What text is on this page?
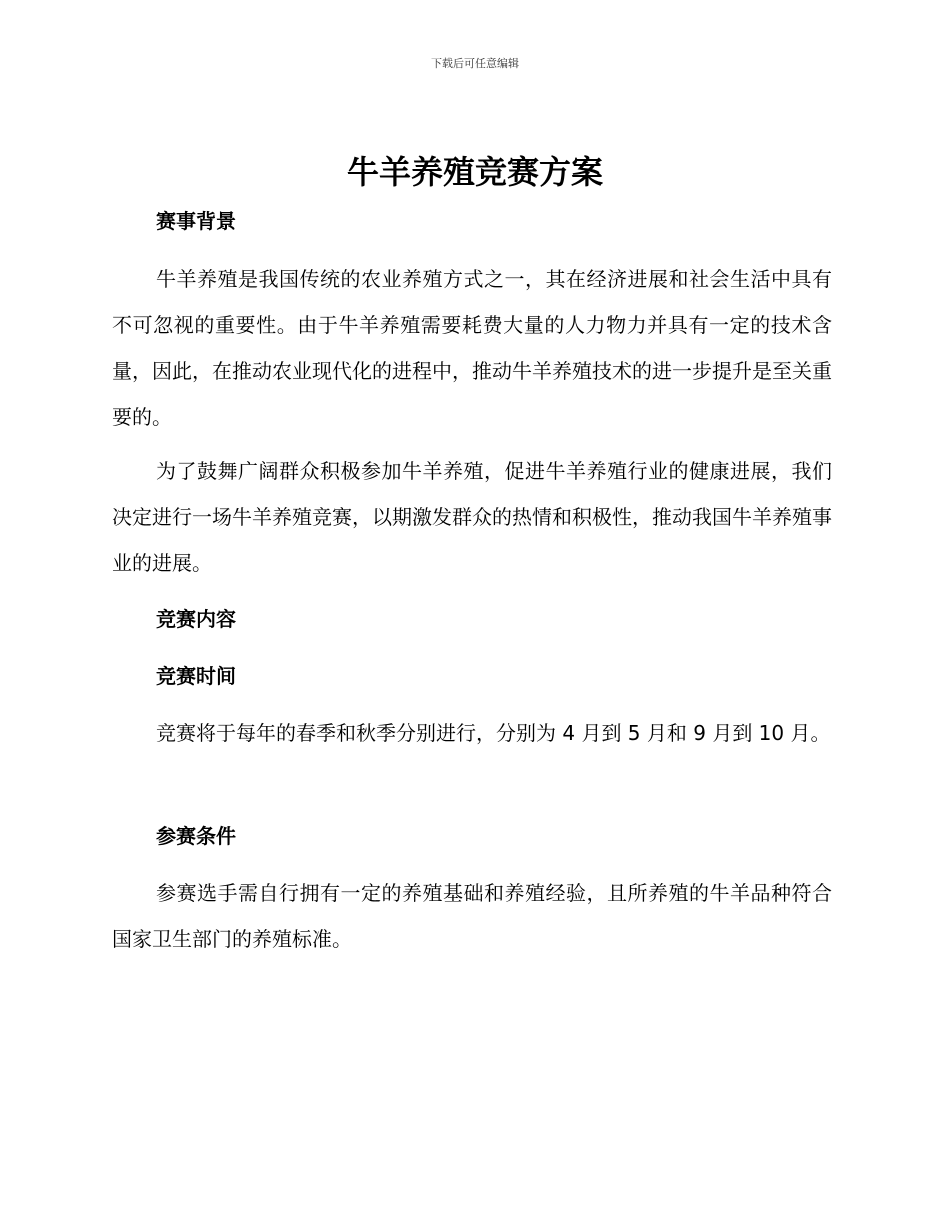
下载后可任意编辑
牛羊养殖竞赛方案
赛事背景

牛羊养殖是我国传统的农业养殖方式之一，其在经济进展和社会生活中具有不可忽视的重要性。由于牛羊养殖需要耗费大量的人力物力并具有一定的技术含量，因此，在推动农业现代化的进程中，推动牛羊养殖技术的进一步提升是至关重要的。

为了鼓舞广阔群众积极参加牛羊养殖，促进牛羊养殖行业的健康进展，我们决定进行一场牛羊养殖竞赛，以期激发群众的热情和积极性，推动我国牛羊养殖事业的进展。

竞赛内容
竞赛时间

竞赛将于每年的春季和秋季分别进行，分别为 4 月到 5 月和 9 月到 10 月。

参赛条件

参赛选手需自行拥有一定的养殖基础和养殖经验，且所养殖的牛羊品种符合国家卫生部门的养殖标准。
